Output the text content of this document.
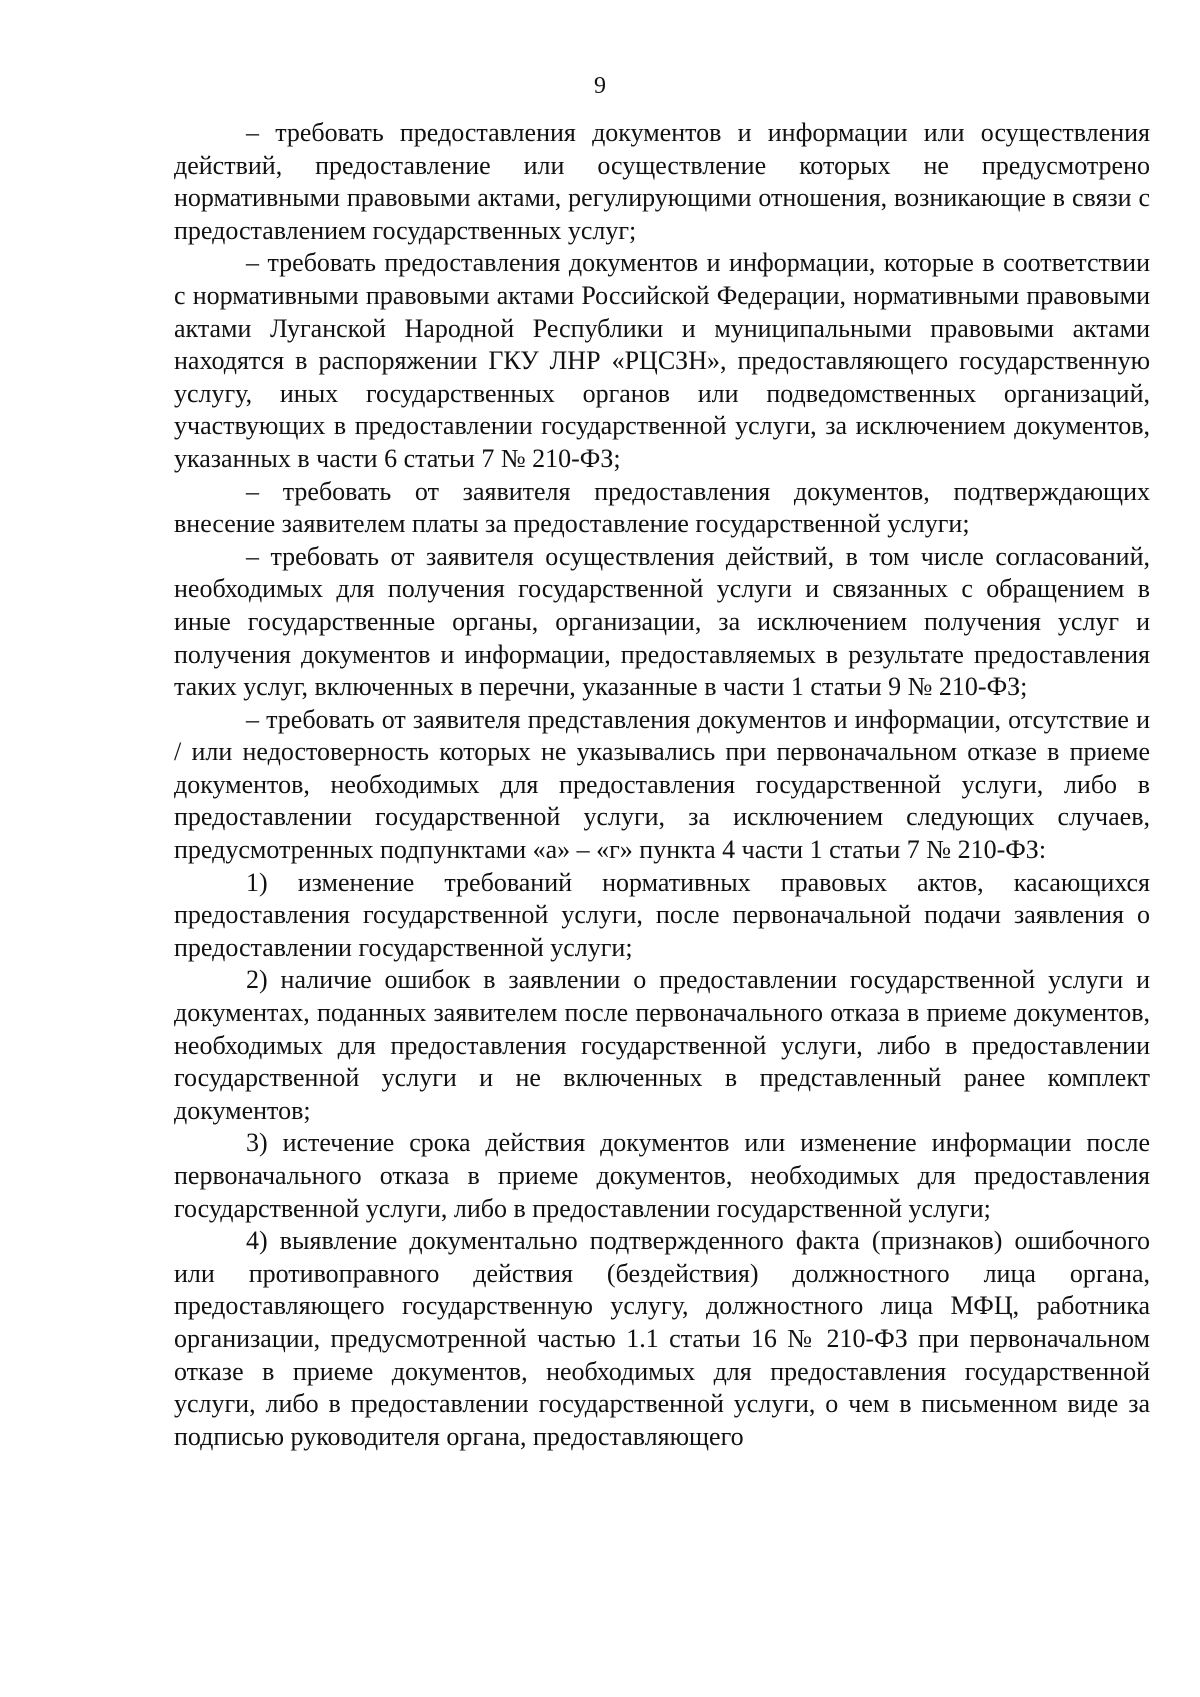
9

– требовать предоставления документов и информации или осуществления действий, предоставление или осуществление которых не предусмотрено нормативными правовыми актами, регулирующими отношения, возникающие в связи с предоставлением государственных услуг;

– требовать предоставления документов и информации, которые в соответствии с нормативными правовыми актами Российской Федерации, нормативными правовыми актами Луганской Народной Республики и муниципальными правовыми актами находятся в распоряжении ГКУ ЛНР «РЦСЗН», предоставляющего государственную услугу, иных государственных органов или подведомственных организаций, участвующих в предоставлении государственной услуги, за исключением документов, указанных в части 6 статьи 7 № 210-ФЗ;

– требовать от заявителя предоставления документов, подтверждающих внесение заявителем платы за предоставление государственной услуги;

– требовать от заявителя осуществления действий, в том числе согласований, необходимых для получения государственной услуги и связанных с обращением в иные государственные органы, организации, за исключением получения услуг и получения документов и информации, предоставляемых в результате предоставления таких услуг, включенных в перечни, указанные в части 1 статьи 9 № 210-ФЗ;

– требовать от заявителя представления документов и информации, отсутствие и / или недостоверность которых не указывались при первоначальном отказе в приеме документов, необходимых для предоставления государственной услуги, либо в предоставлении государственной услуги, за исключением следующих случаев, предусмотренных подпунктами «а» – «г» пункта 4 части 1 статьи 7 № 210-ФЗ:

1) изменение требований нормативных правовых актов, касающихся предоставления государственной услуги, после первоначальной подачи заявления о предоставлении государственной услуги;

2) наличие ошибок в заявлении о предоставлении государственной услуги и документах, поданных заявителем после первоначального отказа в приеме документов, необходимых для предоставления государственной услуги, либо в предоставлении государственной услуги и не включенных в представленный ранее комплект документов;

3) истечение срока действия документов или изменение информации после первоначального отказа в приеме документов, необходимых для предоставления государственной услуги, либо в предоставлении государственной услуги;

4) выявление документально подтвержденного факта (признаков) ошибочного или противоправного действия (бездействия) должностного лица органа, предоставляющего государственную услугу, должностного лица МФЦ, работника организации, предусмотренной частью 1.1 статьи 16 № 210-ФЗ при первоначальном отказе в приеме документов, необходимых для предоставления государственной услуги, либо в предоставлении государственной услуги, о чем в письменном виде за подписью руководителя органа, предоставляющего
